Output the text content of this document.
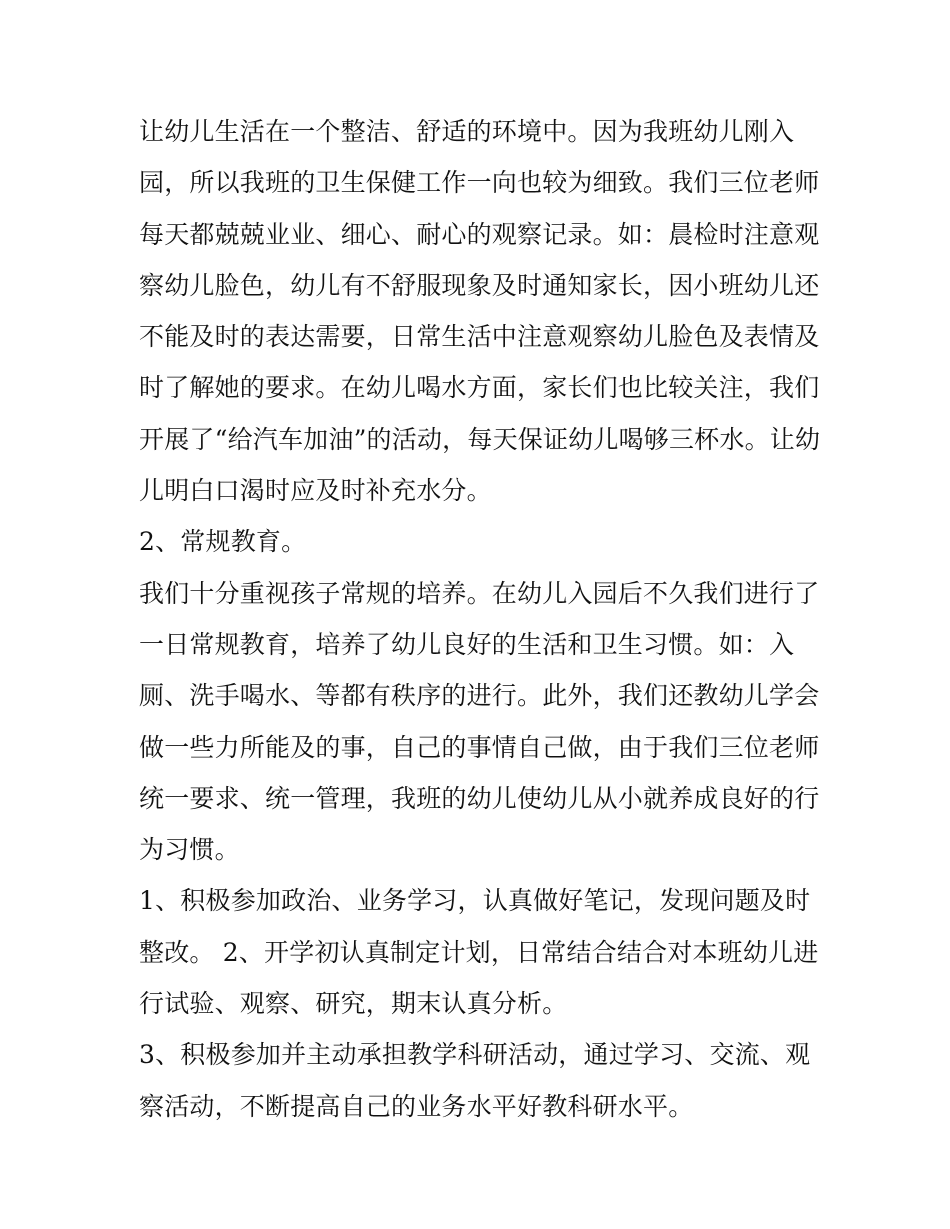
让幼儿生活在一个整洁、舒适的环境中。因为我班幼儿刚入
园，所以我班的卫生保健工作一向也较为细致。我们三位老师
每天都兢兢业业、细心、耐心的观察记录。如：晨检时注意观
察幼儿脸色，幼儿有不舒服现象及时通知家长，因小班幼儿还
不能及时的表达需要，日常生活中注意观察幼儿脸色及表情及
时了解她的要求。在幼儿喝水方面，家长们也比较关注，我们
开展了“给汽车加油”的活动，每天保证幼儿喝够三杯水。让幼
儿明白口渴时应及时补充水分。
2、常规教育。
我们十分重视孩子常规的培养。在幼儿入园后不久我们进行了
一日常规教育，培养了幼儿良好的生活和卫生习惯。如：入
厕、洗手喝水、等都有秩序的进行。此外，我们还教幼儿学会
做一些力所能及的事，自己的事情自己做，由于我们三位老师
统一要求、统一管理，我班的幼儿使幼儿从小就养成良好的行
为习惯。
1、积极参加政治、业务学习，认真做好笔记，发现问题及时
整改。 2、开学初认真制定计划，日常结合结合对本班幼儿进
行试验、观察、研究，期末认真分析。
3、积极参加并主动承担教学科研活动，通过学习、交流、观
察活动，不断提高自己的业务水平好教科研水平。
